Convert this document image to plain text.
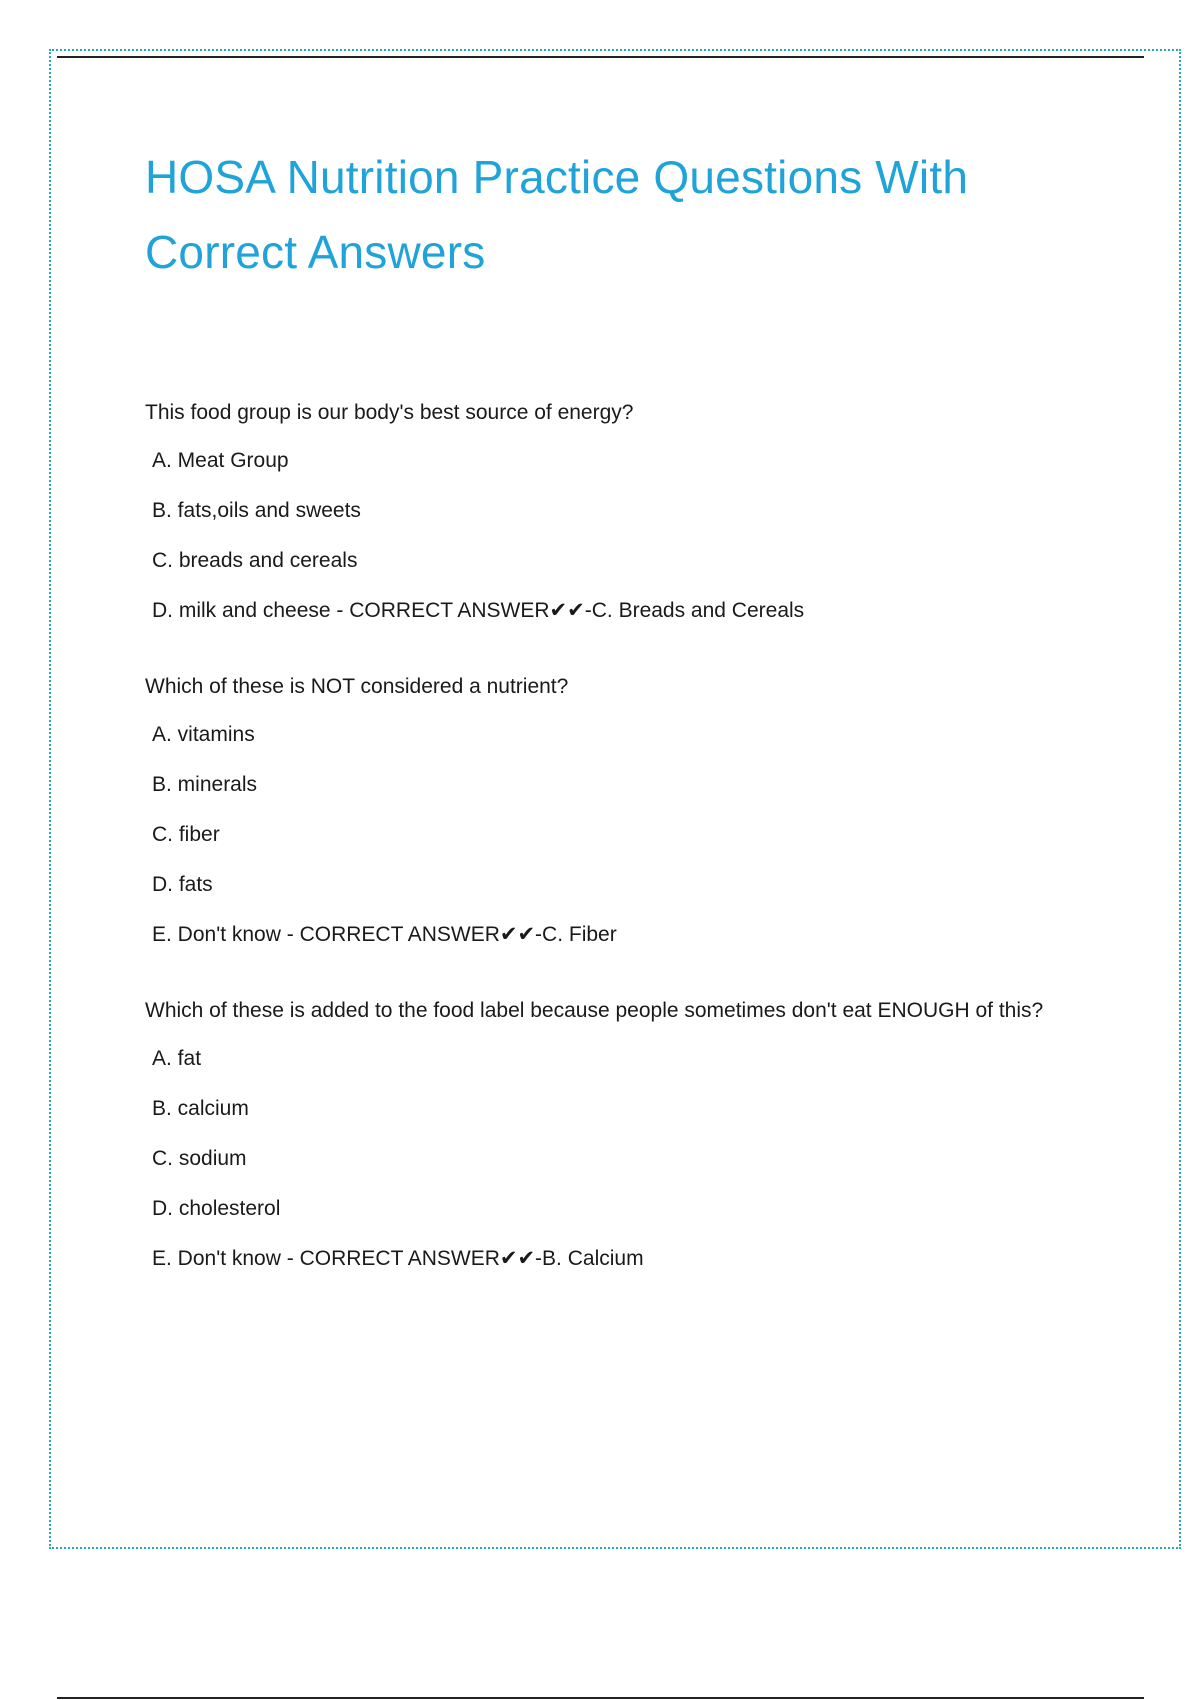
HOSA Nutrition Practice Questions With Correct Answers

This food group is our body's best source of energy?

A. Meat Group
B. fats,oils and sweets
C. breads and cereals
D. milk and cheese - CORRECT ANSWER✔✔-C. Breads and Cereals

Which of these is NOT considered a nutrient?

A. vitamins
B. minerals
C. fiber
D. fats
E. Don't know - CORRECT ANSWER✔✔-C. Fiber

Which of these is added to the food label because people sometimes don't eat ENOUGH of this?

A. fat
B. calcium
C. sodium
D. cholesterol
E. Don't know - CORRECT ANSWER✔✔-B. Calcium
